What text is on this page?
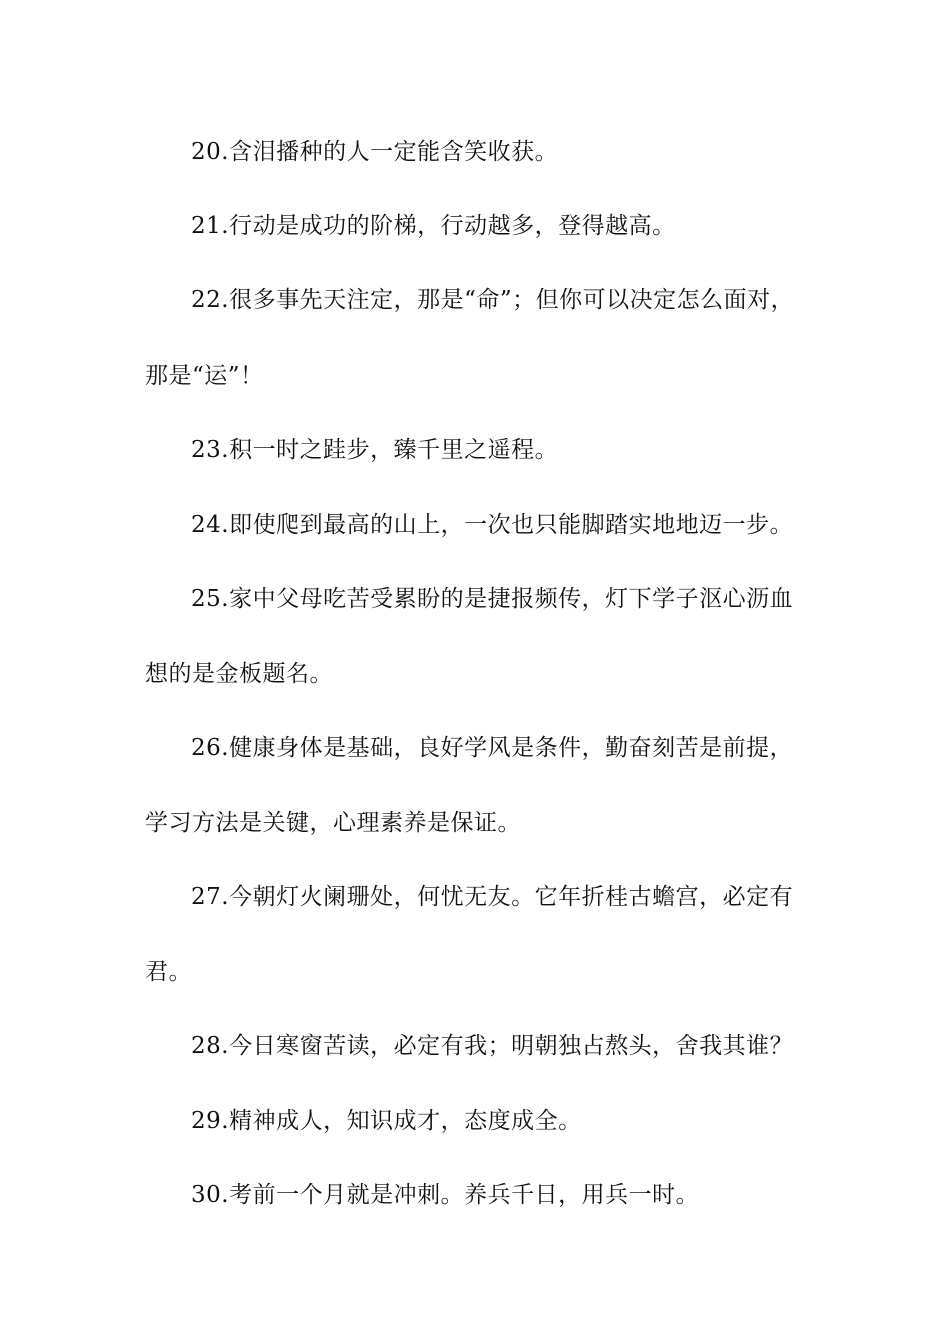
20.含泪播种的人一定能含笑收获。
21.行动是成功的阶梯，行动越多，登得越高。
22.很多事先天注定，那是“命”；但你可以决定怎么面对，
那是“运”！
23.积一时之跬步，臻千里之遥程。
24.即使爬到最高的山上，一次也只能脚踏实地地迈一步。
25.家中父母吃苦受累盼的是捷报频传，灯下学子沤心沥血
想的是金板题名。
26.健康身体是基础，良好学风是条件，勤奋刻苦是前提，
学习方法是关键，心理素养是保证。
27.今朝灯火阑珊处，何忧无友。它年折桂古蟾宫，必定有
君。
28.今日寒窗苦读，必定有我；明朝独占熬头，舍我其谁？
29.精神成人，知识成才，态度成全。
30.考前一个月就是冲刺。养兵千日，用兵一时。
